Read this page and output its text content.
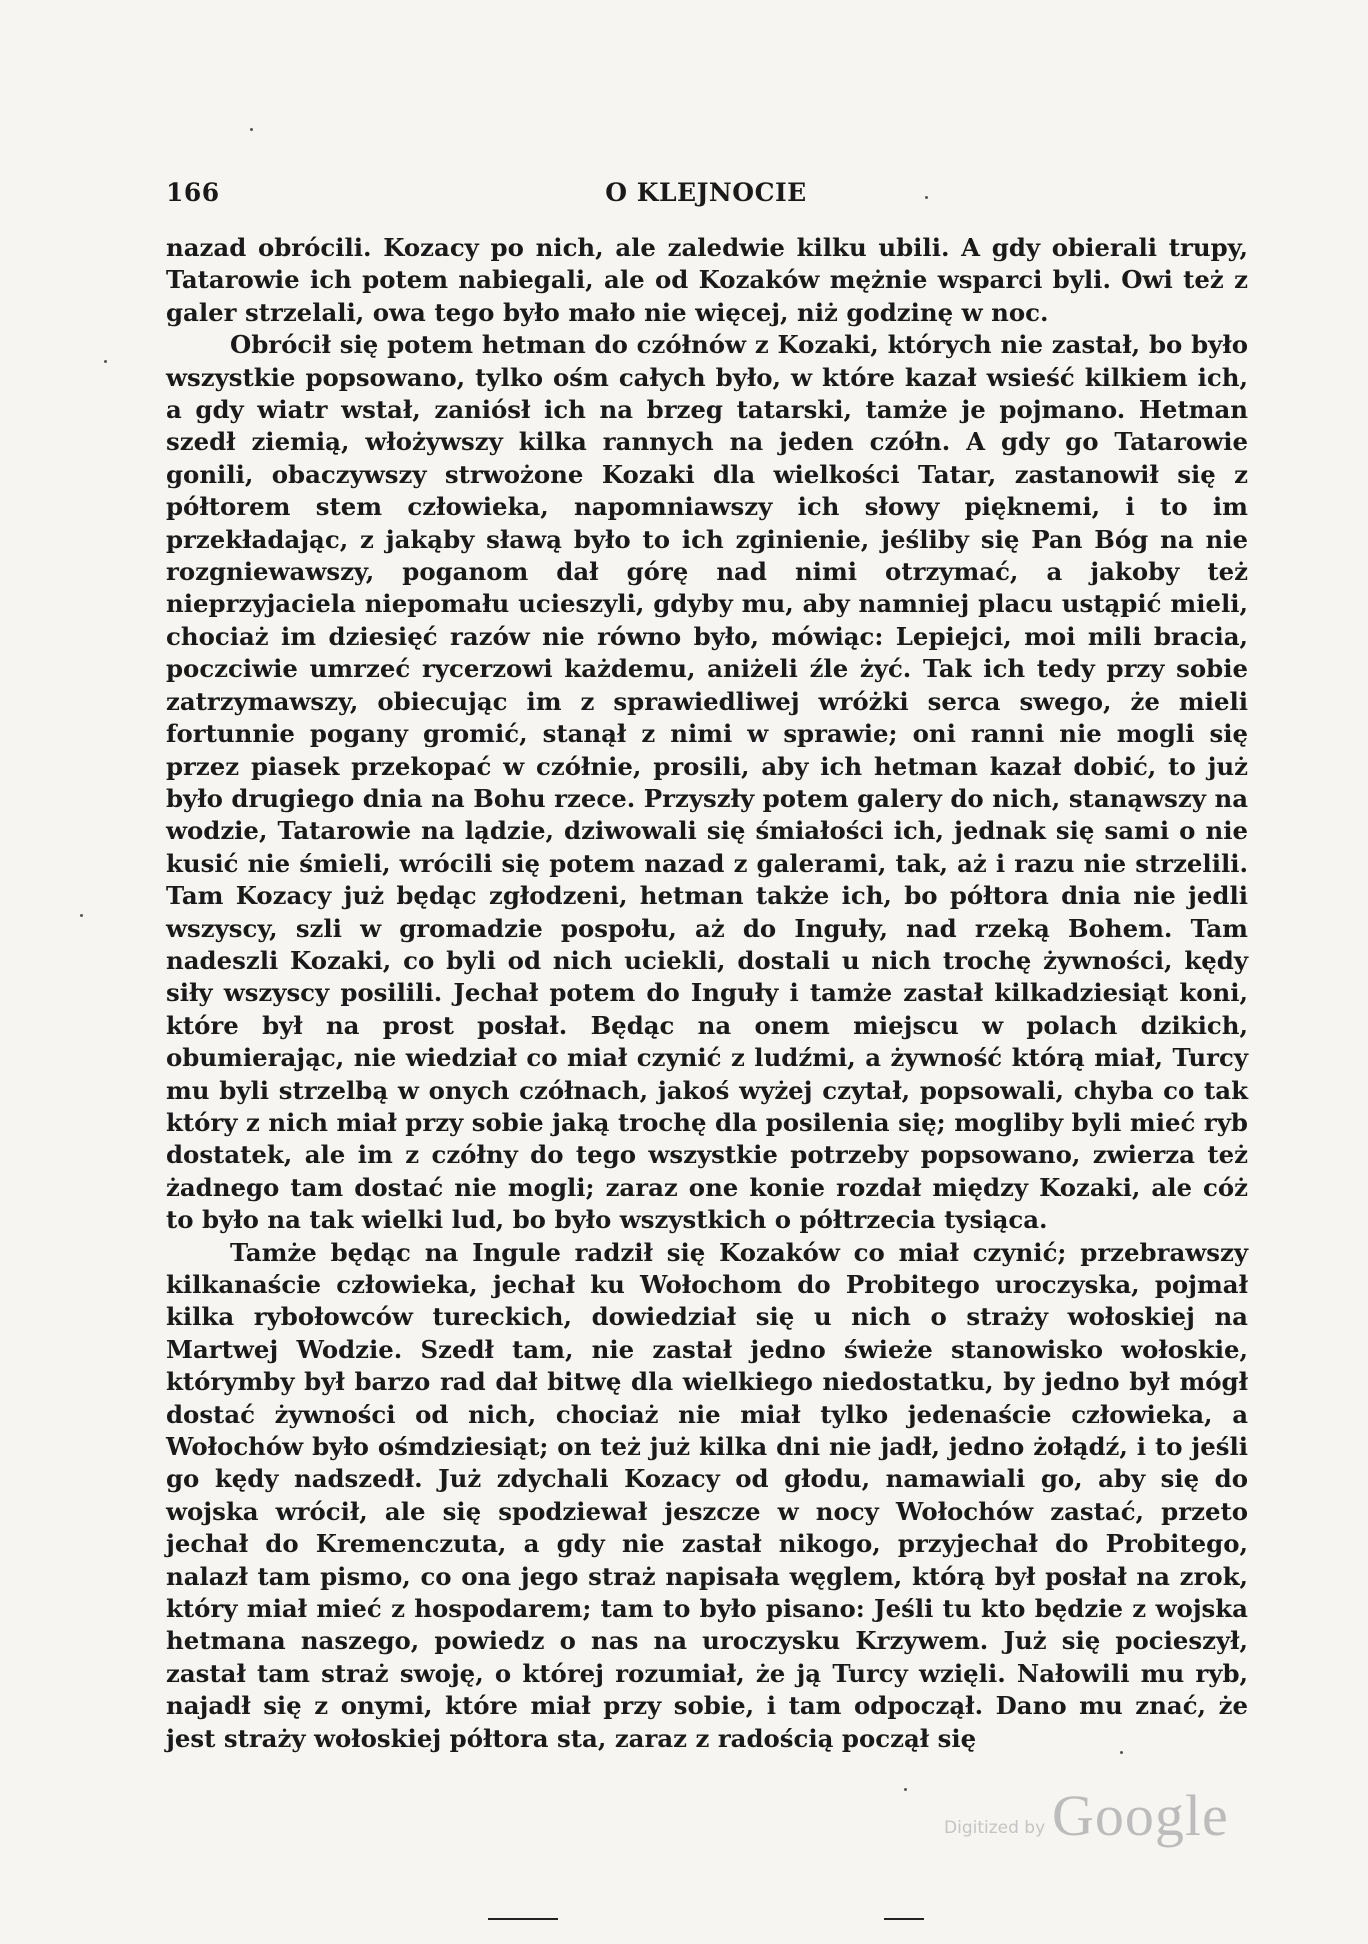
166	O KLEJNOCIE

nazad obrócili. Kozacy po nich, ale zaledwie kilku ubili. A gdy obierali trupy, Tatarowie ich potem nabiegali, ale od Kozaków mężnie wsparci byli. Owi też z galer strzelali, owa tego było mało nie więcej, niż godzinę w noc.

Obrócił się potem hetman do czółnów z Kozaki, których nie zastał, bo było wszystkie popsowano, tylko ośm całych było, w które kazał wsieść kilkiem ich, a gdy wiatr wstał, zaniósł ich na brzeg tatarski, tamże je pojmano. Hetman szedł ziemią, włożywszy kilka rannych na jeden czółn. A gdy go Tatarowie gonili, obaczywszy strwożone Kozaki dla wielkości Tatar, zastanowił się z półtorem stem człowieka, napomniawszy ich słowy pięknemi, i to im przekładając, z jakąby sławą było to ich zginienie, jeśliby się Pan Bóg na nie rozgniewawszy, poganom dał górę nad nimi otrzymać, a jakoby też nieprzyjaciela niepomału ucieszyli, gdyby mu, aby namniej placu ustąpić mieli, chociaż im dziesięć razów nie równo było, mówiąc: Lepiejci, moi mili bracia, poczciwie umrzeć rycerzowi każdemu, aniżeli źle żyć. Tak ich tedy przy sobie zatrzymawszy, obiecując im z sprawiedliwej wróżki serca swego, że mieli fortunnie pogany gromić, stanął z nimi w sprawie; oni ranni nie mogli się przez piasek przekopać w czółnie, prosili, aby ich hetman kazał dobić, to już było drugiego dnia na Bohu rzece. Przyszły potem galery do nich, stanąwszy na wodzie, Tatarowie na lądzie, dziwowali się śmiałości ich, jednak się sami o nie kusić nie śmieli, wrócili się potem nazad z galerami, tak, aż i razu nie strzelili. Tam Kozacy już będąc zgłodzeni, hetman także ich, bo półtora dnia nie jedli wszyscy, szli w gromadzie pospołu, aż do Inguły, nad rzeką Bohem. Tam nadeszli Kozaki, co byli od nich uciekli, dostali u nich trochę żywności, kędy siły wszyscy posilili. Jechał potem do Inguły i tamże zastał kilkadziesiąt koni, które był na prost posłał. Będąc na onem miejscu w polach dzikich, obumierając, nie wiedział co miał czynić z ludźmi, a żywność którą miał, Turcy mu byli strzelbą w onych czółnach, jakoś wyżej czytał, popsowali, chyba co tak który z nich miał przy sobie jaką trochę dla posilenia się; mogliby byli mieć ryb dostatek, ale im z czółny do tego wszystkie potrzeby popsowano, zwierza też żadnego tam dostać nie mogli; zaraz one konie rozdał między Kozaki, ale cóż to było na tak wielki lud, bo było wszystkich o półtrzecia tysiąca.

Tamże będąc na Ingule radził się Kozaków co miał czynić; przebrawszy kilkanaście człowieka, jechał ku Wołochom do Probitego uroczyska, pojmał kilka rybołowców tureckich, dowiedział się u nich o straży wołoskiej na Martwej Wodzie. Szedł tam, nie zastał jedno świeże stanowisko wołoskie, którymby był barzo rad dał bitwę dla wielkiego niedostatku, by jedno był mógł dostać żywności od nich, chociaż nie miał tylko jedenaście człowieka, a Wołochów było ośmdziesiąt; on też już kilka dni nie jadł, jedno żołądź, i to jeśli go kędy nadszedł. Już zdychali Kozacy od głodu, namawiali go, aby się do wojska wrócił, ale się spodziewał jeszcze w nocy Wołochów zastać, przeto jechał do Kremenczuta, a gdy nie zastał nikogo, przyjechał do Probitego, nalazł tam pismo, co ona jego straż napisała węglem, którą był posłał na zrok, który miał mieć z hospodarem; tam to było pisano: Jeśli tu kto będzie z wojska hetmana naszego, powiedz o nas na uroczysku Krzywem. Już się pocieszył, zastał tam straż swoję, o której rozumiał, że ją Turcy wzięli. Nałowili mu ryb, najadł się z onymi, które miał przy sobie, i tam odpoczął. Dano mu znać, że jest straży wołoskiej półtora sta, zaraz z radością począł się

Digitized by Google
